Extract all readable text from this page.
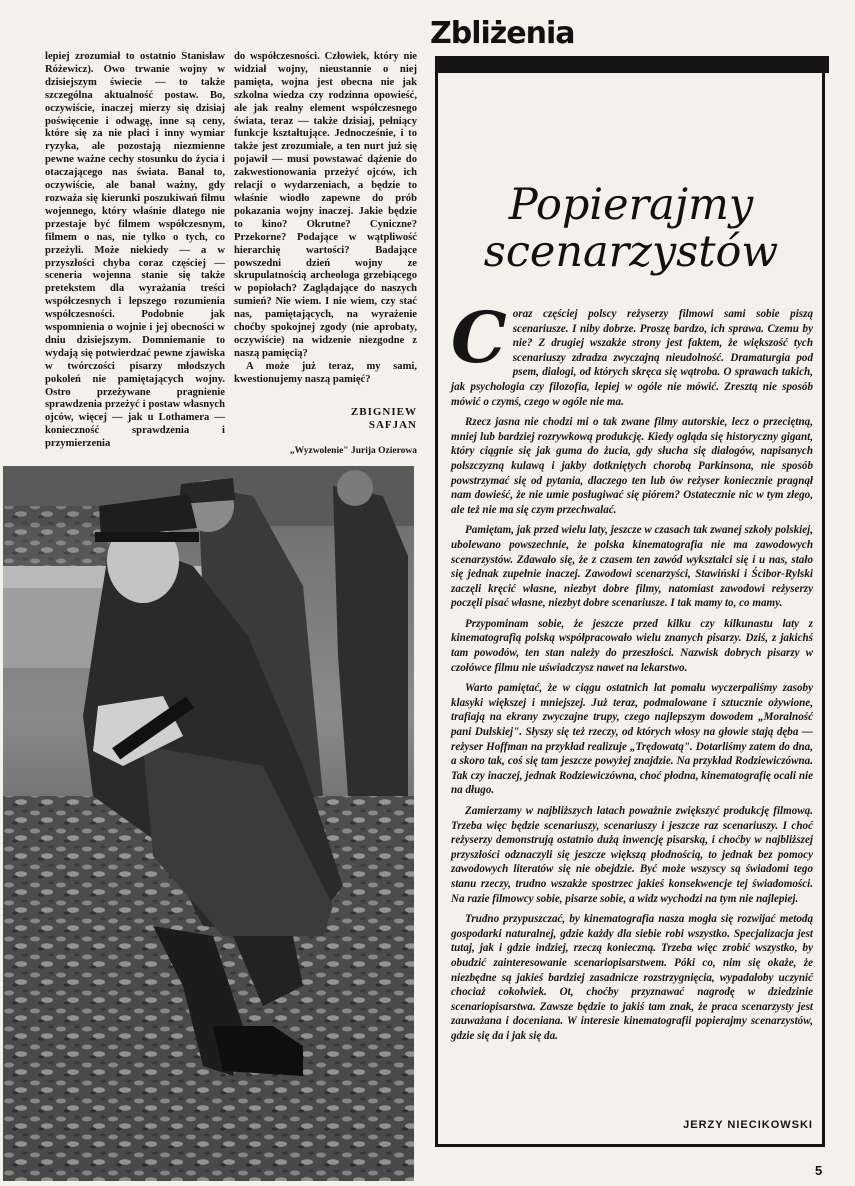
lepiej zrozumiał to ostatnio Stanisław Różewicz). Owo trwanie wojny w dzisiejszym świecie — to także szczególna aktualność postaw. Bo, oczywiście, inaczej mierzy się dzisiaj poświęcenie i odwagę, inne są ceny, które się za nie płaci i inny wymiar ryzyka, ale pozostają niezmienne pewne ważne cechy stosunku do życia i otaczającego nas świata. Banał to, oczywiście, ale banał ważny, gdy rozważa się kierunki poszukiwań filmu wojennego, który właśnie dlatego nie przestaje być filmem współczesnym, filmem o nas, nie tylko o tych, co przeżyli. Może niekiedy — a w przyszłości chyba coraz częściej — sceneria wojenna stanie się także pretekstem dla wyrażania treści współczesnych i lepszego rozumienia współczesności. Podobnie jak wspomnienia o wojnie i jej obecności w dniu dzisiejszym. Domniemanie to wydają się potwierdzać pewne zjawiska w twórczości pisarzy młodszych pokoleń nie pamiętających wojny. Ostro przeżywane pragnienie sprawdzenia przeżyć i postaw własnych ojców, więcej — jak u Lothamera — konieczność sprawdzenia i przymierzenia

do współczesności. Człowiek, który nie widział wojny, nieustannie o niej pamięta, wojna jest obecna nie jak szkolna wiedza czy rodzinna opowieść, ale jak realny element współczesnego świata, teraz — także dzisiaj, pełniący funkcje kształtujące. Jednocześnie, i to także jest zrozumiałe, a ten nurt już się pojawił — musi powstawać dążenie do zakwestionowania przeżyć ojców, ich relacji o wydarzeniach, a będzie to właśnie wiodło zapewne do prób pokazania wojny inaczej. Jakie będzie to kino? Okrutne? Cyniczne? Przekorne? Podające w wątpliwość hierarchię wartości? Badające powszedni dzień wojny ze skrupulatnością archeologa grzebiącego w popiołach? Zaglądające do naszych sumień? Nie wiem. I nie wiem, czy stać nas, pamiętających, na wyrażenie choćby spokojnej zgody (nie aprobaty, oczywiście) na widzenie niezgodne z naszą pamięcią?

A może już teraz, my sami, kwestionujemy naszą pamięć?

ZBIGNIEW
SAFJAN
„Wyzwolenie" Jurija Ozierowa
Zbliżenia
Popierajmy
scenarzystów

Coraz częściej polscy reżyserzy filmowi sami sobie piszą scenariusze. I niby dobrze. Proszę bardzo, ich sprawa. Czemu by nie? Z drugiej wszakże strony jest faktem, że większość tych scenariuszy zdradza zwyczajną nieudolność. Dramaturgia pod psem, dialogi, od których skręca się wątroba. O sprawach takich, jak psychologia czy filozofia, lepiej w ogóle nie mówić. Zresztą nie sposób mówić o czymś, czego w ogóle nie ma.

Rzecz jasna nie chodzi mi o tak zwane filmy autorskie, lecz o przeciętną, mniej lub bardziej rozrywkową produkcję. Kiedy ogląda się historyczny gigant, który ciągnie się jak guma do żucia, gdy słucha się dialogów, napisanych polszczyzną kulawą i jakby dotkniętych chorobą Parkinsona, nie sposób powstrzymać się od pytania, dlaczego ten lub ów reżyser koniecznie pragnął nam dowieść, że nie umie posługiwać się piórem? Ostatecznie nic w tym złego, ale też nie ma się czym przechwalać.

Pamiętam, jak przed wielu laty, jeszcze w czasach tak zwanej szkoły polskiej, ubolewano powszechnie, że polska kinematografia nie ma zawodowych scenarzystów. Zdawało się, że z czasem ten zawód wykształci się i u nas, stało się jednak zupełnie inaczej. Zawodowi scenarzyści, Stawiński i Ścibor-Rylski zaczęli kręcić własne, niezbyt dobre filmy, natomiast zawodowi reżyserzy poczęli pisać własne, niezbyt dobre scenariusze. I tak mamy to, co mamy.

Przypominam sobie, że jeszcze przed kilku czy kilkunastu laty z kinematografią polską współpracowało wielu znanych pisarzy. Dziś, z jakichś tam powodów, ten stan należy do przeszłości. Nazwisk dobrych pisarzy w czołówce filmu nie uświadczysz nawet na lekarstwo.

Warto pamiętać, że w ciągu ostatnich lat pomału wyczerpaliśmy zasoby klasyki większej i mniejszej. Już teraz, podmalowane i sztucznie ożywione, trafiają na ekrany zwyczajne trupy, czego najlepszym dowodem „Moralność pani Dulskiej". Słyszy się też rzeczy, od których włosy na głowie stają dęba — reżyser Hoffman na przykład realizuje „Trędowatą". Dotarliśmy zatem do dna, a skoro tak, coś się tam jeszcze powyżej znajdzie. Na przykład Rodziewiczówna. Tak czy inaczej, jednak Rodziewiczówna, choć płodna, kinematografię ocali nie na długo.

Zamierzamy w najbliższych latach poważnie zwiększyć produkcję filmową. Trzeba więc będzie scenariuszy, scenariuszy i jeszcze raz scenariuszy. I choć reżyserzy demonstrują ostatnio dużą inwencję pisarską, i choćby w najbliższej przyszłości odznaczyli się jeszcze większą płodnością, to jednak bez pomocy zawodowych literatów się nie obejdzie. Być może wszyscy są świadomi tego stanu rzeczy, trudno wszakże spostrzec jakieś konsekwencje tej świadomości. Na razie filmowcy sobie, pisarze sobie, a widz wychodzi na tym nie najlepiej.

Trudno przypuszczać, by kinematografia nasza mogła się rozwijać metodą gospodarki naturalnej, gdzie każdy dla siebie robi wszystko. Specjalizacja jest tutaj, jak i gdzie indziej, rzeczą konieczną. Trzeba więc zrobić wszystko, by obudzić zainteresowanie scenariopisarstwem. Póki co, nim się okaże, że niezbędne są jakieś bardziej zasadnicze rozstrzygnięcia, wypadałoby uczynić chociaż cokolwiek. Ot, choćby przyznawać nagrodę w dziedzinie scenariopisarstwa. Zawsze będzie to jakiś tam znak, że praca scenarzysty jest zauważana i doceniana. W interesie kinematografii popierajmy scenarzystów, gdzie się da i jak się da.

JERZY NIECIKOWSKI
5
